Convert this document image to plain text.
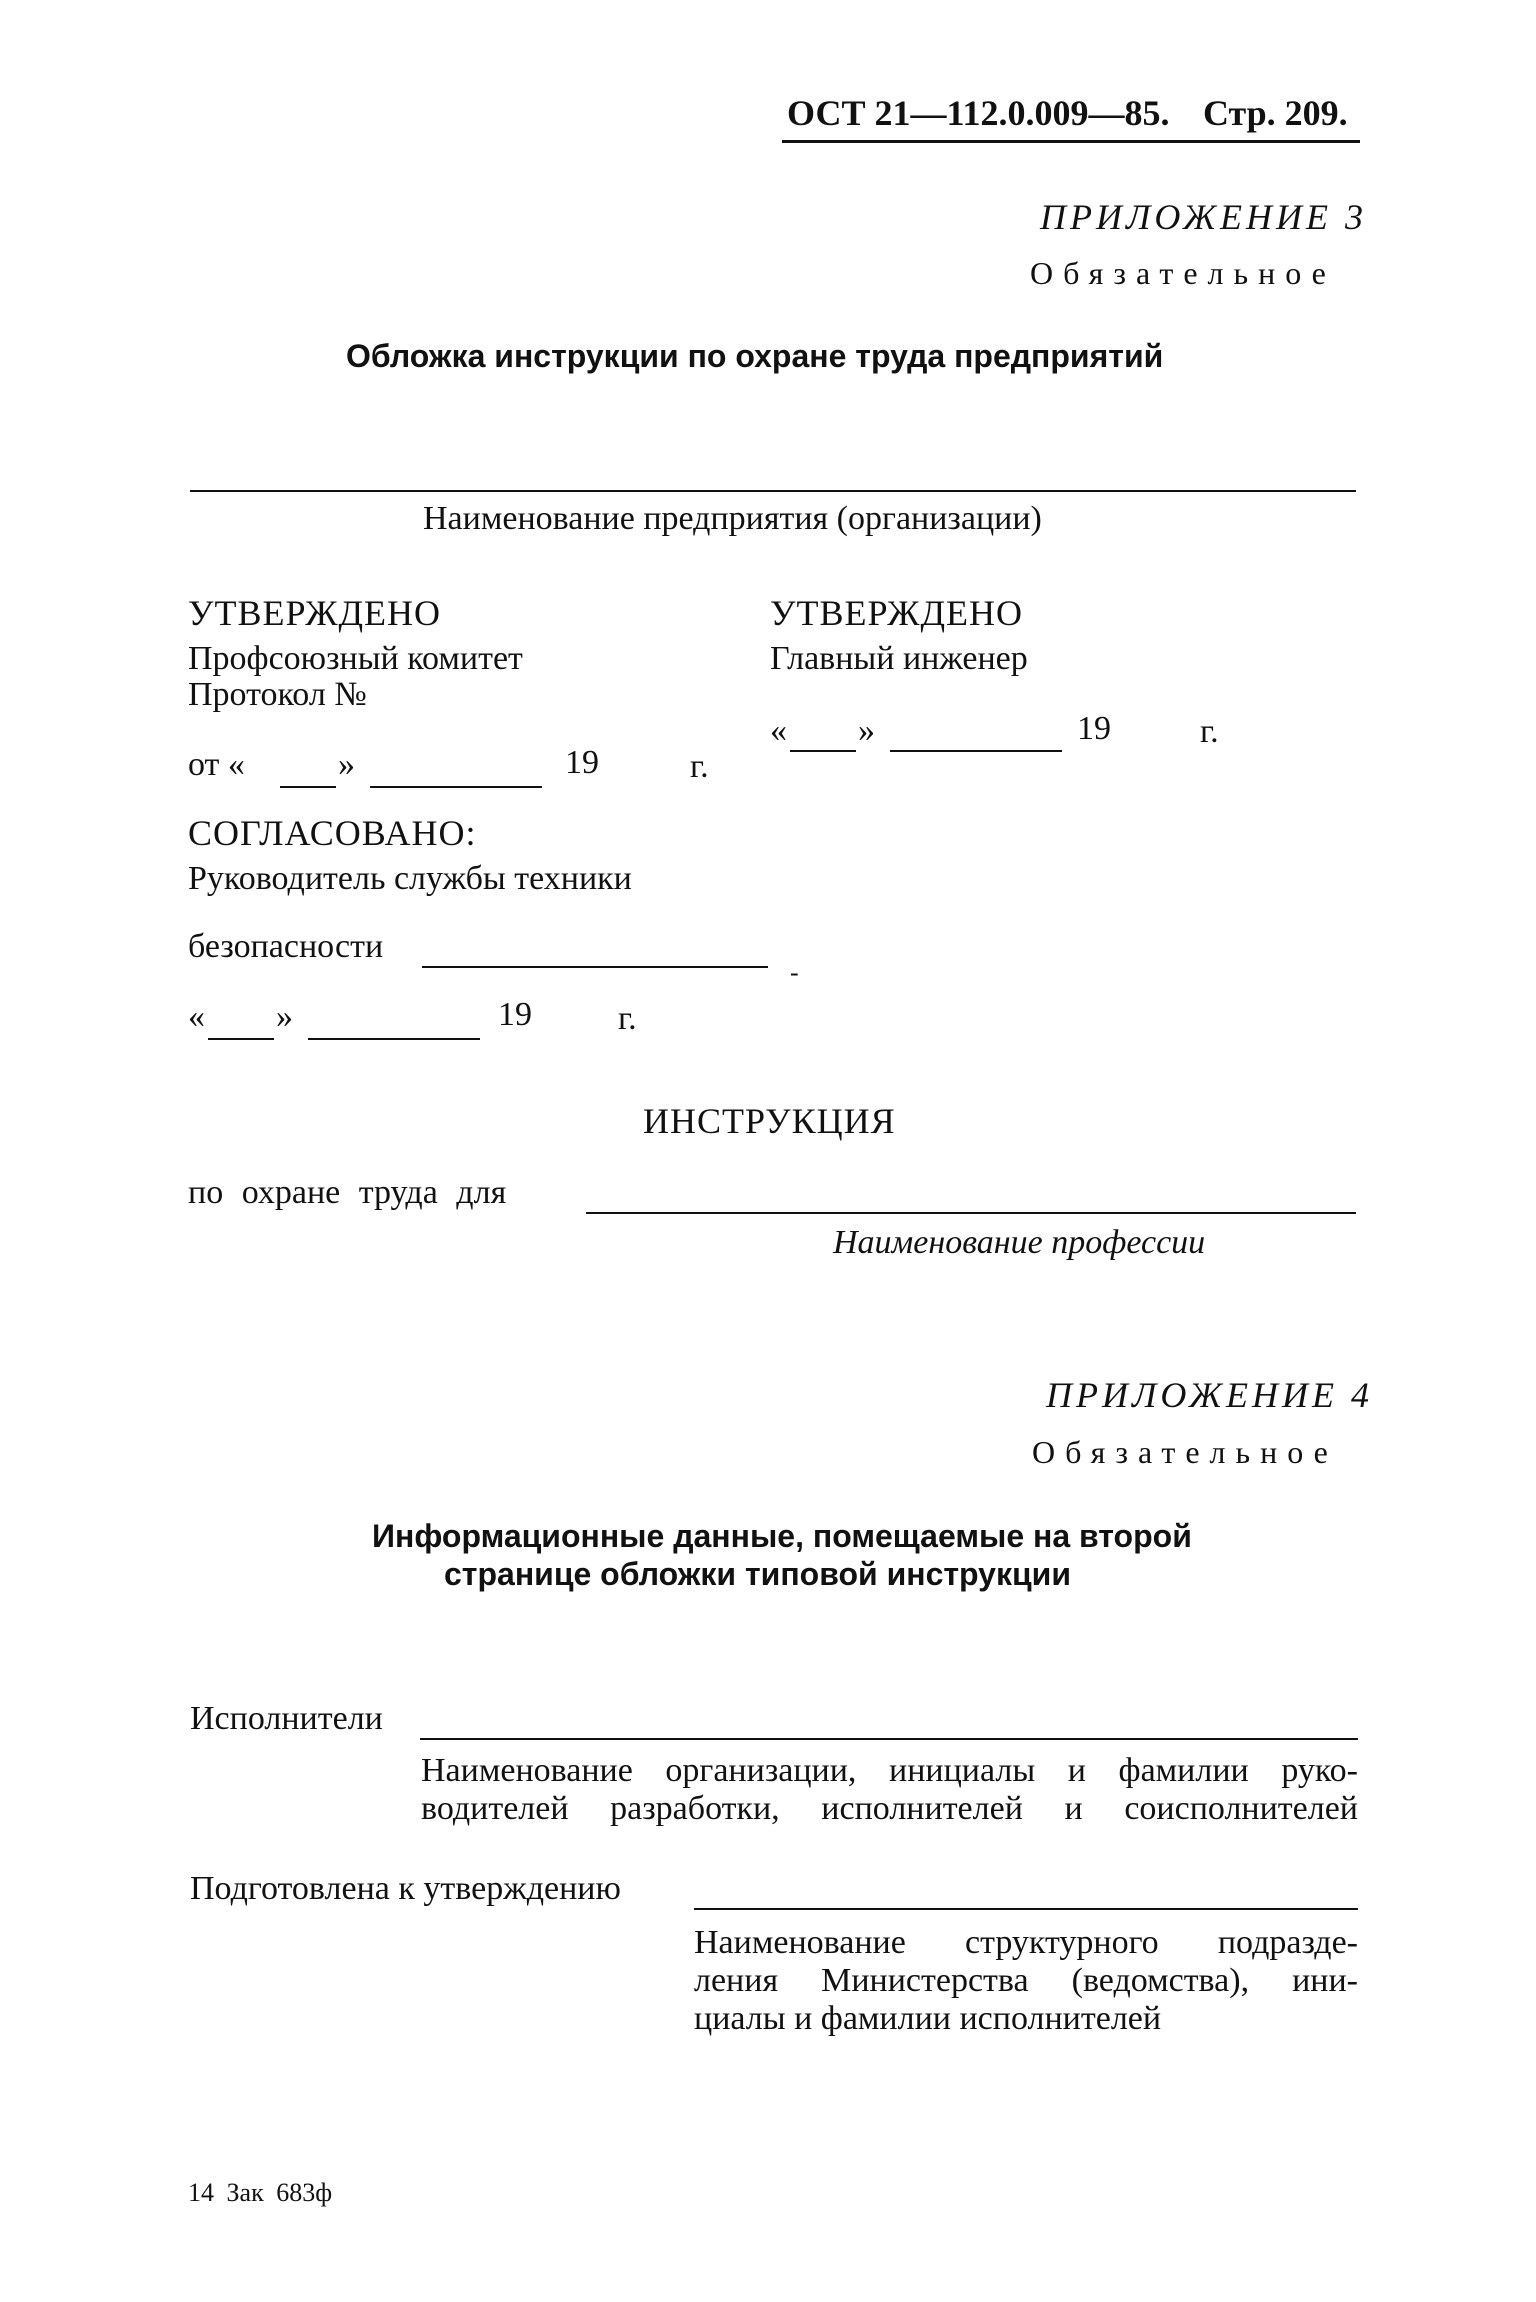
ОСТ 21—112.0.009—85. Стр. 209.
ПРИЛОЖЕНИЕ 3
Обязательное
Обложка инструкции по охране труда предприятий
Наименование предприятия (организации)
УТВЕРЖДЕНО
Профсоюзный комитет
Протокол №
от «	»	19	г.
УТВЕРЖДЕНО
Главный инженер
« »	19	г.
СОГЛАСОВАНО:
Руководитель службы техники
безопасности
-
« »	19	г.
ИНСТРУКЦИЯ
по охране труда для
Наименование профессии
ПРИЛОЖЕНИЕ 4
Обязательное
Информационные данные, помещаемые на второй
странице обложки типовой инструкции
Исполнители
Наименование организации, инициалы и фамилии руко-
водителей разработки, исполнителей и соисполнителей
Подготовлена к утверждению
Наименование структурного подразде-
ления Министерства (ведомства), ини-
циалы и фамилии исполнителей
14 Зак 683ф
